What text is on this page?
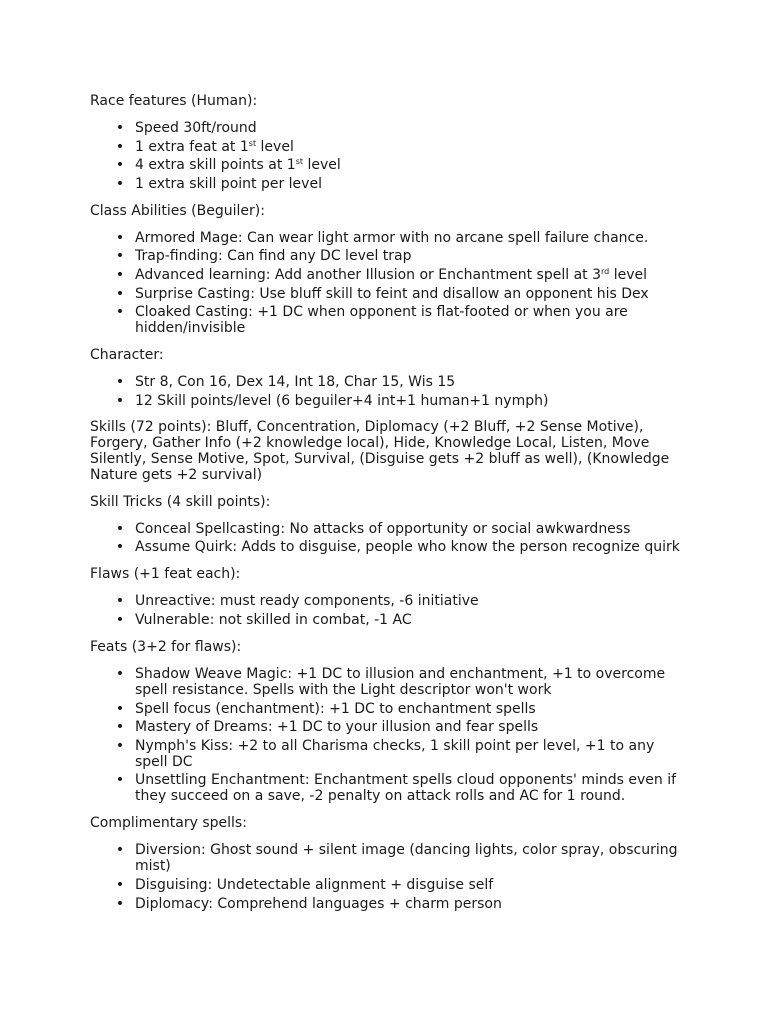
Race features (Human):

• Speed 30ft/round
• 1 extra feat at 1st level
• 4 extra skill points at 1st level
• 1 extra skill point per level

Class Abilities (Beguiler):

• Armored Mage: Can wear light armor with no arcane spell failure chance.
• Trap-finding: Can find any DC level trap
• Advanced learning: Add another Illusion or Enchantment spell at 3rd level
• Surprise Casting: Use bluff skill to feint and disallow an opponent his Dex
• Cloaked Casting: +1 DC when opponent is flat-footed or when you are hidden/invisible

Character:

• Str 8, Con 16, Dex 14, Int 18, Char 15, Wis 15
• 12 Skill points/level (6 beguiler+4 int+1 human+1 nymph)

Skills (72 points): Bluff, Concentration, Diplomacy (+2 Bluff, +2 Sense Motive), Forgery, Gather Info (+2 knowledge local), Hide, Knowledge Local, Listen, Move Silently, Sense Motive, Spot, Survival, (Disguise gets +2 bluff as well), (Knowledge Nature gets +2 survival)

Skill Tricks (4 skill points):

• Conceal Spellcasting: No attacks of opportunity or social awkwardness
• Assume Quirk: Adds to disguise, people who know the person recognize quirk

Flaws (+1 feat each):

• Unreactive: must ready components, -6 initiative
• Vulnerable: not skilled in combat, -1 AC

Feats (3+2 for flaws):

• Shadow Weave Magic: +1 DC to illusion and enchantment, +1 to overcome spell resistance. Spells with the Light descriptor won't work
• Spell focus (enchantment): +1 DC to enchantment spells
• Mastery of Dreams: +1 DC to your illusion and fear spells
• Nymph's Kiss: +2 to all Charisma checks, 1 skill point per level, +1 to any spell DC
• Unsettling Enchantment: Enchantment spells cloud opponents' minds even if they succeed on a save, -2 penalty on attack rolls and AC for 1 round.

Complimentary spells:

• Diversion: Ghost sound + silent image (dancing lights, color spray, obscuring mist)
• Disguising: Undetectable alignment + disguise self
• Diplomacy: Comprehend languages + charm person
